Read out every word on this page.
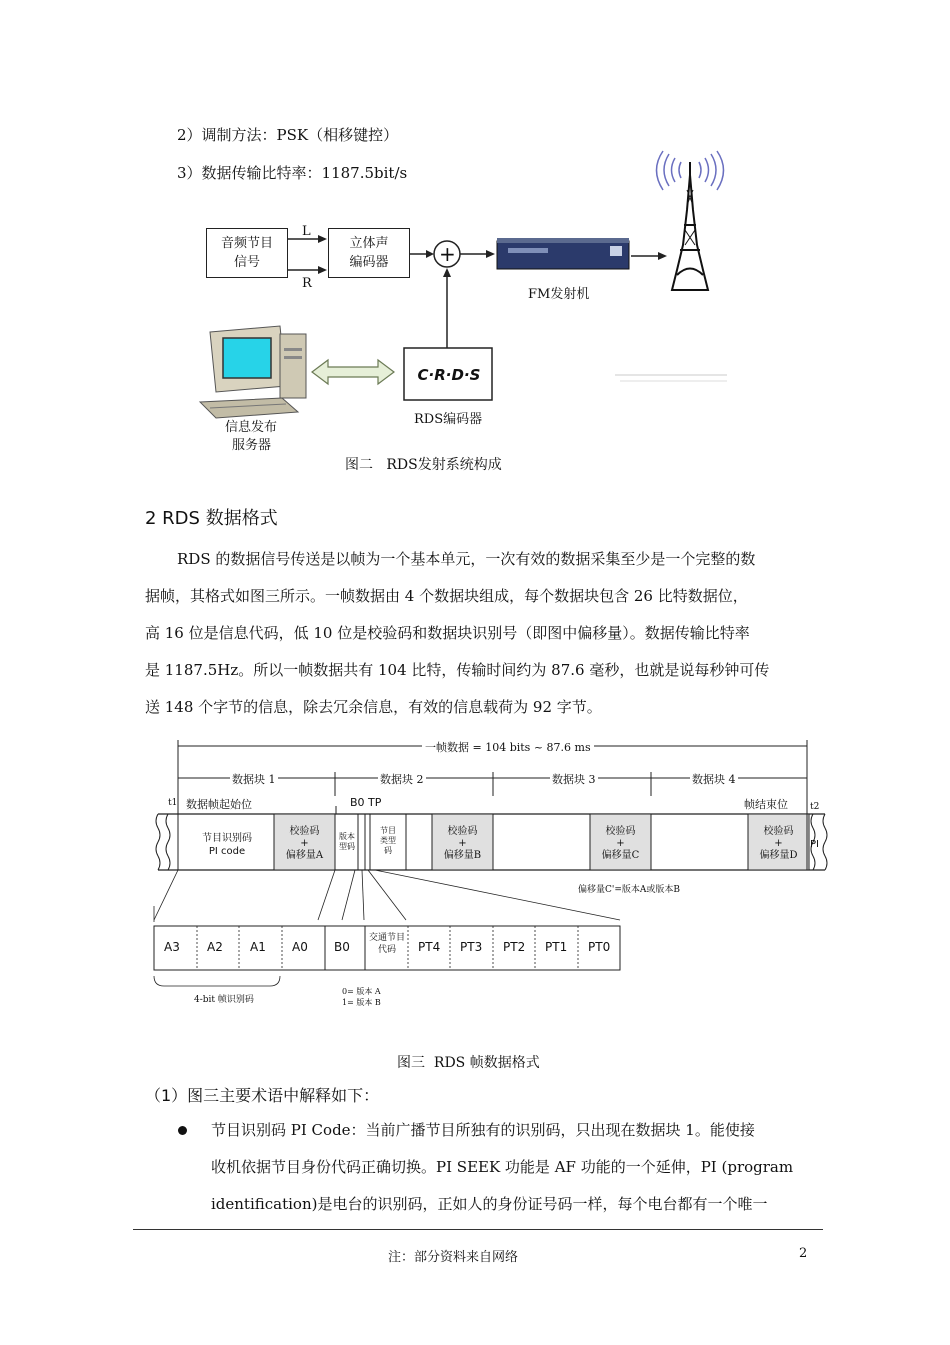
2）调制方法：PSK（相移键控）
3）数据传输比特率：1187.5bit/s
音频节目
信号
L
R
立体声
编码器	+
FM发射机
C·R·D·S
RDS编码器
信息发布
服务器
图二   RDS发射系统构成
2 RDS 数据格式
RDS 的数据信号传送是以帧为一个基本单元，一次有效的数据采集至少是一个完整的数
据帧，其格式如图三所示。一帧数据由 4 个数据块组成，每个数据块包含 26 比特数据位，
高 16 位是信息代码，低 10 位是校验码和数据块识别号（即图中偏移量）。数据传输比特率
是 1187.5Hz。所以一帧数据共有 104 比特，传输时间约为 87.6 毫秒，也就是说每秒钟可传
送 148 个字节的信息，除去冗余信息，有效的信息载荷为 92 字节。
一帧数据 = 104 bits ~ 87.6 ms
数据块 1	数据块 2	数据块 3	数据块 4
数据帧起始位	B0 TP	帧结束位
t1	t2
节目识别码
PI code
校验码
+
偏移量A
版本
型码
节目
类型
码
校验码
+
偏移量B
校验码
+
偏移量C
校验码
+
偏移量D
PI
偏移量C'=版本A或版本B
A3 A2 A1 A0 B0
交通节目代码	PT4 PT3 PT2 PT1 PT0
4-bit 帧识别码
0= 版本 A
1= 版本 B
图三  RDS 帧数据格式
（1）图三主要术语中解释如下：
节目识别码 PI Code：当前广播节目所独有的识别码，只出现在数据块 1。能使接
收机依据节目身份代码正确切换。PI SEEK 功能是 AF 功能的一个延伸，PI (program
identification)是电台的识别码，正如人的身份证号码一样，每个电台都有一个唯一
注：部分资料来自网络	2
